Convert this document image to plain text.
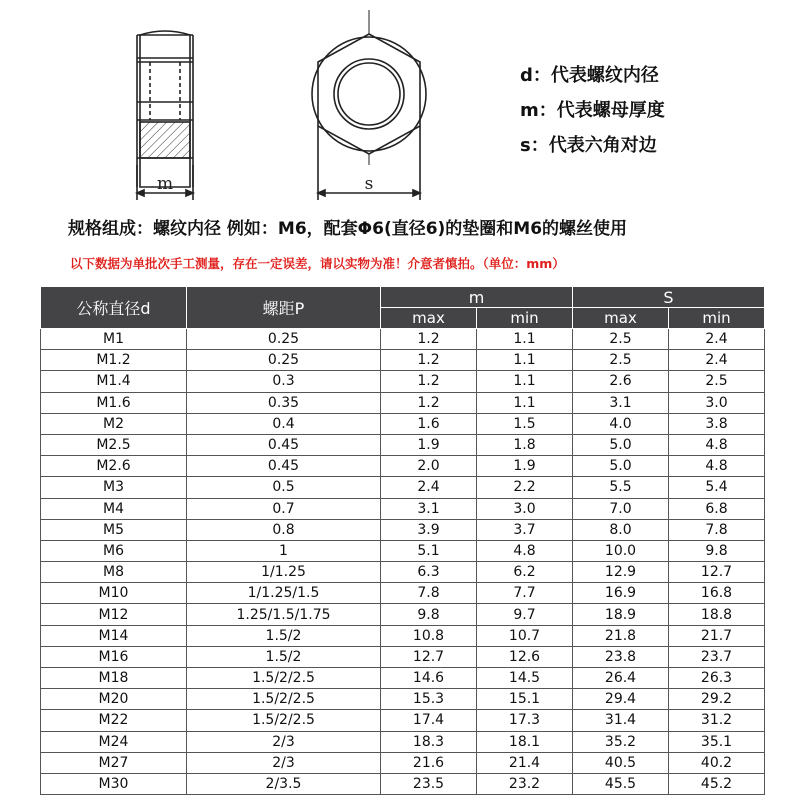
m	s
d：代表螺纹内径
m：代表螺母厚度
s：代表六角对边
规格组成：螺纹内径 例如：M6，配套Φ6(直径6)的垫圈和M6的螺丝使用
以下数据为单批次手工测量，存在一定误差，请以实物为准！介意者慎拍。（单位：mm）
公称直径d	螺距P	m		S	
		max	min	max	min
M1	0.25	1.2	1.1	2.5	2.4
M1.2	0.25	1.2	1.1	2.5	2.4
M1.4	0.3	1.2	1.1	2.6	2.5
M1.6	0.35	1.2	1.1	3.1	3.0
M2	0.4	1.6	1.5	4.0	3.8
M2.5	0.45	1.9	1.8	5.0	4.8
M2.6	0.45	2.0	1.9	5.0	4.8
M3	0.5	2.4	2.2	5.5	5.4
M4	0.7	3.1	3.0	7.0	6.8
M5	0.8	3.9	3.7	8.0	7.8
M6	1	5.1	4.8	10.0	9.8
M8	1/1.25	6.3	6.2	12.9	12.7
M10	1/1.25/1.5	7.8	7.7	16.9	16.8
M12	1.25/1.5/1.75	9.8	9.7	18.9	18.8
M14	1.5/2	10.8	10.7	21.8	21.7
M16	1.5/2	12.7	12.6	23.8	23.7
M18	1.5/2/2.5	14.6	14.5	26.4	26.3
M20	1.5/2/2.5	15.3	15.1	29.4	29.2
M22	1.5/2/2.5	17.4	17.3	31.4	31.2
M24	2/3	18.3	18.1	35.2	35.1
M27	2/3	21.6	21.4	40.5	40.2
M30	2/3.5	23.5	23.2	45.5	45.2
